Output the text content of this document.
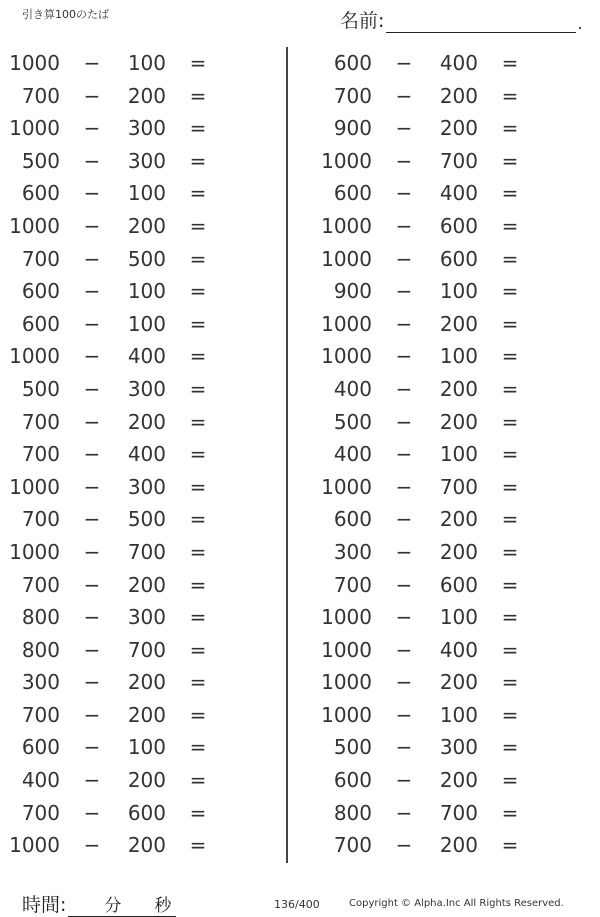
引き算100のたば	名前:	.
1000 −	100 =
700 −	200 =
1000 −	300 =
500 −	300 =
600 −	100 =
1000 −	200 =
700 −	500 =
600 −	100 =
600 −	100 =
1000 −	400 =
500 −	300 =
700 −	200 =
700 −	400 =
1000 −	300 =
700 −	500 =
1000 −	700 =
700 −	200 =
800 −	300 =
800 −	700 =
300 −	200 =
700 −	200 =
600 −	100 =
400 −	200 =
700 −	600 =
1000 −	200 =
600 −	400 =
700 −	200 =
900 −	200 =
1000 −	700 =
600 −	400 =
1000 −	600 =
1000 −	600 =
900 −	100 =
1000 −	200 =
1000 −	100 =
400 −	200 =
500 −	200 =
400 −	100 =
1000 −	700 =
600 −	200 =
300 −	200 =
700 −	600 =
1000 −	100 =
1000 −	400 =
1000 −	200 =
1000 −	100 =
500 −	300 =
600 −	200 =
800 −	700 =
700 −	200 =
時間: 分 秒	136/400	Copyright © Alpha.Inc All Rights Reserved.
